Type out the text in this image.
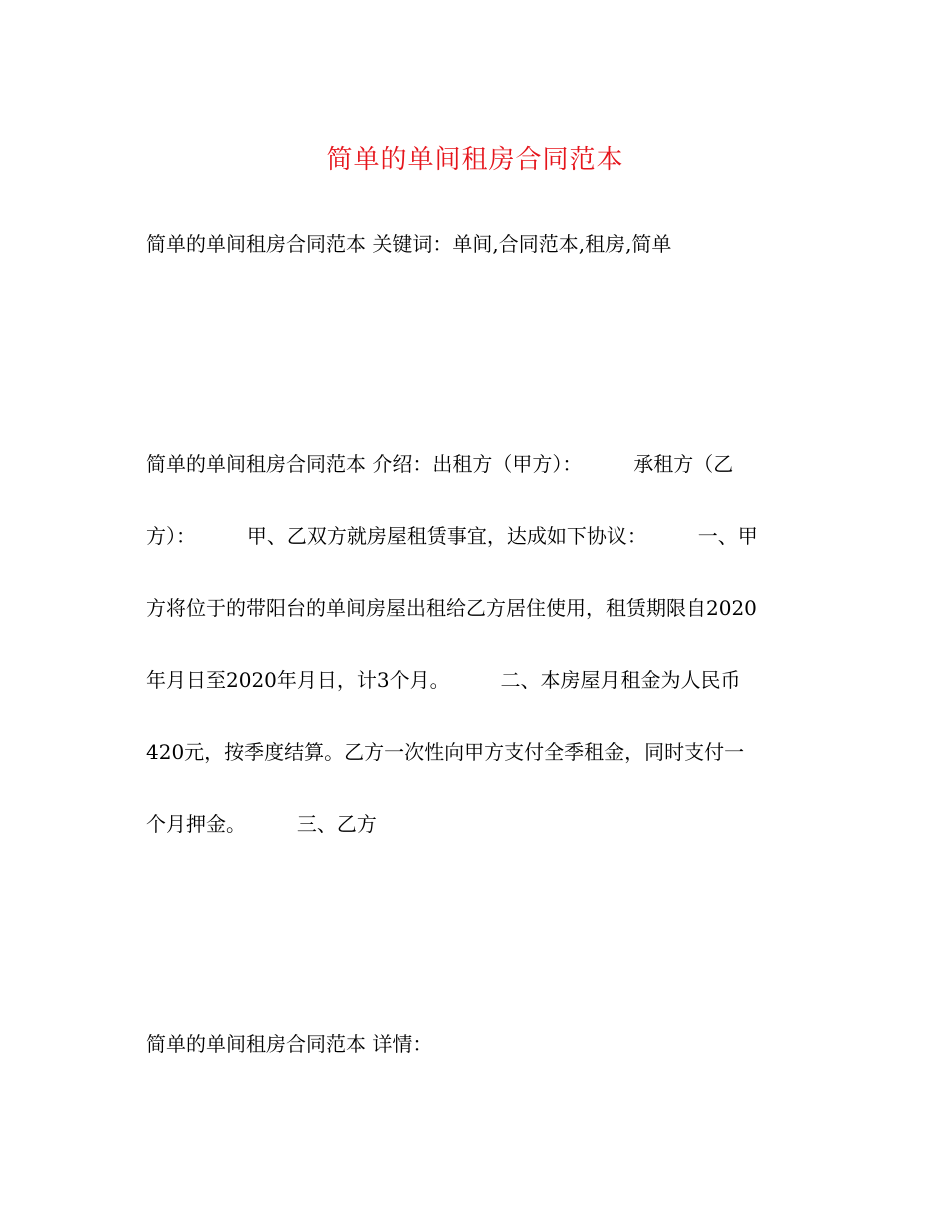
简单的单间租房合同范本
简单的单间租房合同范本 关键词：单间,合同范本,租房,简单
简单的单间租房合同范本 介绍：出租方（甲方）：        承租方（乙
方）：        甲、乙双方就房屋租赁事宜，达成如下协议：        一、甲
方将位于的带阳台的单间房屋出租给乙方居住使用，租赁期限自2020
年月日至2020年月日，计3个月。        二、本房屋月租金为人民币
420元，按季度结算。乙方一次性向甲方支付全季租金，同时支付一
个月押金。        三、乙方
简单的单间租房合同范本 详情：
